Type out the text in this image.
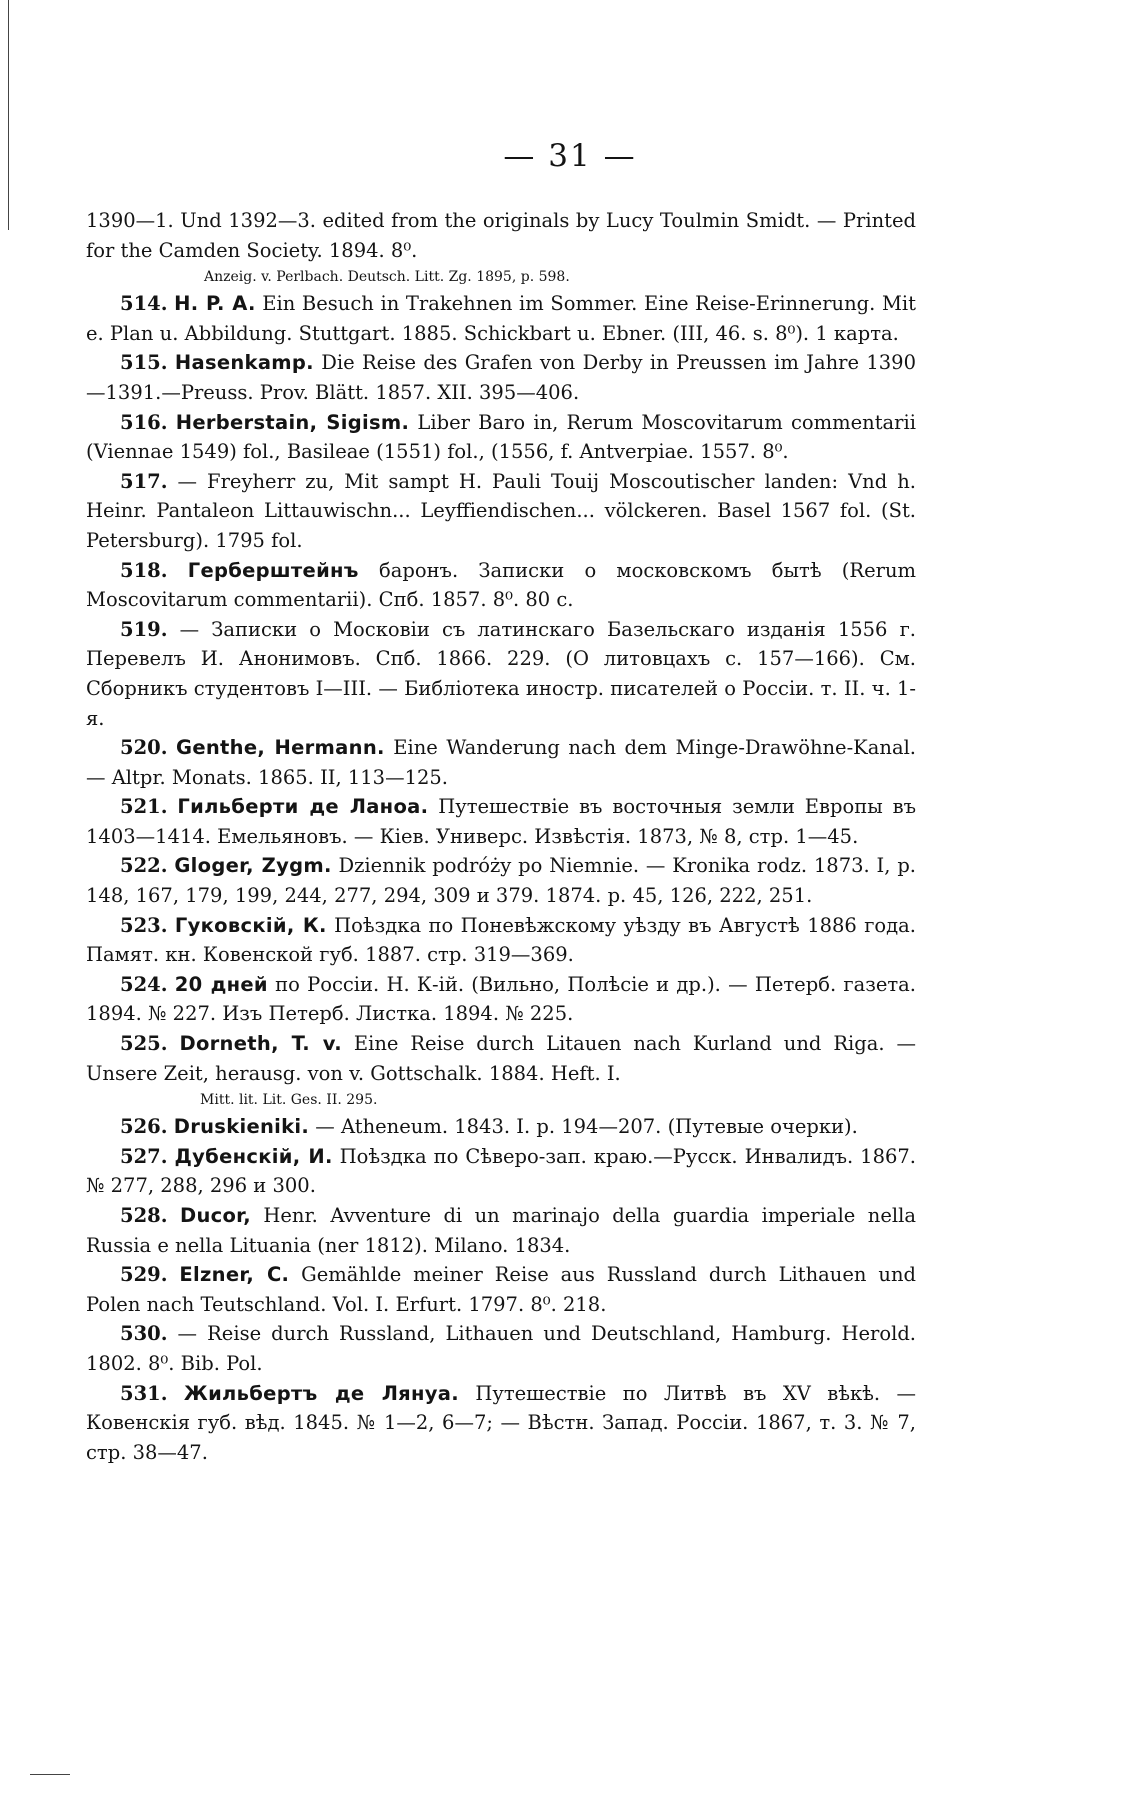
— 31 —

1390—1. Und 1392—3. edited from the originals by Lucy Toulmin Smidt. — Printed for the Camden Society. 1894. 8⁰.

Anzeig. v. Perlbach. Deutsch. Litt. Zg. 1895, p. 598.

514. H. P. A. Ein Besuch in Trakehnen im Sommer. Eine Reise-Erinnerung. Mit e. Plan u. Abbildung. Stuttgart. 1885. Schickbart u. Ebner. (III, 46. s. 8⁰). 1 карта.

515. Hasenkamp. Die Reise des Grafen von Derby in Preussen im Jahre 1390—1391.—Preuss. Prov. Blätt. 1857. XII. 395—406.

516. Herberstain, Sigism. Liber Baro in, Rerum Moscovitarum commentarii (Viennae 1549) fol., Basileae (1551) fol., (1556, f. Antverpiae. 1557. 8⁰.

517. — Freyherr zu, Mit sampt H. Pauli Touij Moscoutischer landen: Vnd h. Heinr. Pantaleon Littauwischn... Leyffiendischen... völckeren. Basel 1567 fol. (St. Petersburg). 1795 fol.

518. Герберштейнъ баронъ. Записки о московскомъ бытѣ (Rerum Moscovitarum commentarii). Спб. 1857. 8⁰. 80 с.

519. — Записки о Московіи съ латинскаго Базельскаго изданія 1556 г. Перевелъ И. Анонимовъ. Спб. 1866. 229. (О литовцахъ с. 157—166). См. Сборникъ студентовъ I—III. — Библіотека иностр. писателей о Россіи. т. II. ч. 1-я.

520. Genthe, Hermann. Eine Wanderung nach dem Minge-Drawöhne-Kanal. — Altpr. Monats. 1865. II, 113—125.

521. Гильберти де Ланоа. Путешествіе въ восточныя земли Европы въ 1403—1414. Емельяновъ. — Кіев. Универс. Извѣстія. 1873, № 8, стр. 1—45.

522. Gloger, Zygm. Dziennik podróży po Niemnie. — Kronika rodz. 1873. I, p. 148, 167, 179, 199, 244, 277, 294, 309 и 379. 1874. p. 45, 126, 222, 251.

523. Гуковскій, К. Поѣздка по Поневѣжскому уѣзду въ Августѣ 1886 года. Памят. кн. Ковенской губ. 1887. стр. 319—369.

524. 20 дней по Россіи. Н. К-ій. (Вильно, Полѣсіе и др.). — Петерб. газета. 1894. № 227. Изъ Петерб. Листка. 1894. № 225.

525. Dorneth, T. v. Eine Reise durch Litauen nach Kurland und Riga. — Unsere Zeit, herausg. von v. Gottschalk. 1884. Heft. I.

Mitt. lit. Lit. Ges. II. 295.

526. Druskieniki. — Atheneum. 1843. I. p. 194—207. (Путевые очерки).

527. Дубенскій, И. Поѣздка по Сѣверо-зап. краю.—Русск. Инвалидъ. 1867. № 277, 288, 296 и 300.

528. Ducor, Henr. Avventure di un marinajo della guardia imperiale nella Russia e nella Lituania (ner 1812). Milano. 1834.

529. Elzner, C. Gemählde meiner Reise aus Russland durch Lithauen und Polen nach Teutschland. Vol. I. Erfurt. 1797. 8⁰. 218.

530. — Reise durch Russland, Lithauen und Deutschland, Hamburg. Herold. 1802. 8⁰. Bib. Pol.

531. Жильбертъ де Лянуа. Путешествіе по Литвѣ въ XV вѣкѣ. — Ковенскія губ. вѣд. 1845. № 1—2, 6—7; — Вѣстн. Запад. Россіи. 1867, т. 3. № 7, стр. 38—47.
